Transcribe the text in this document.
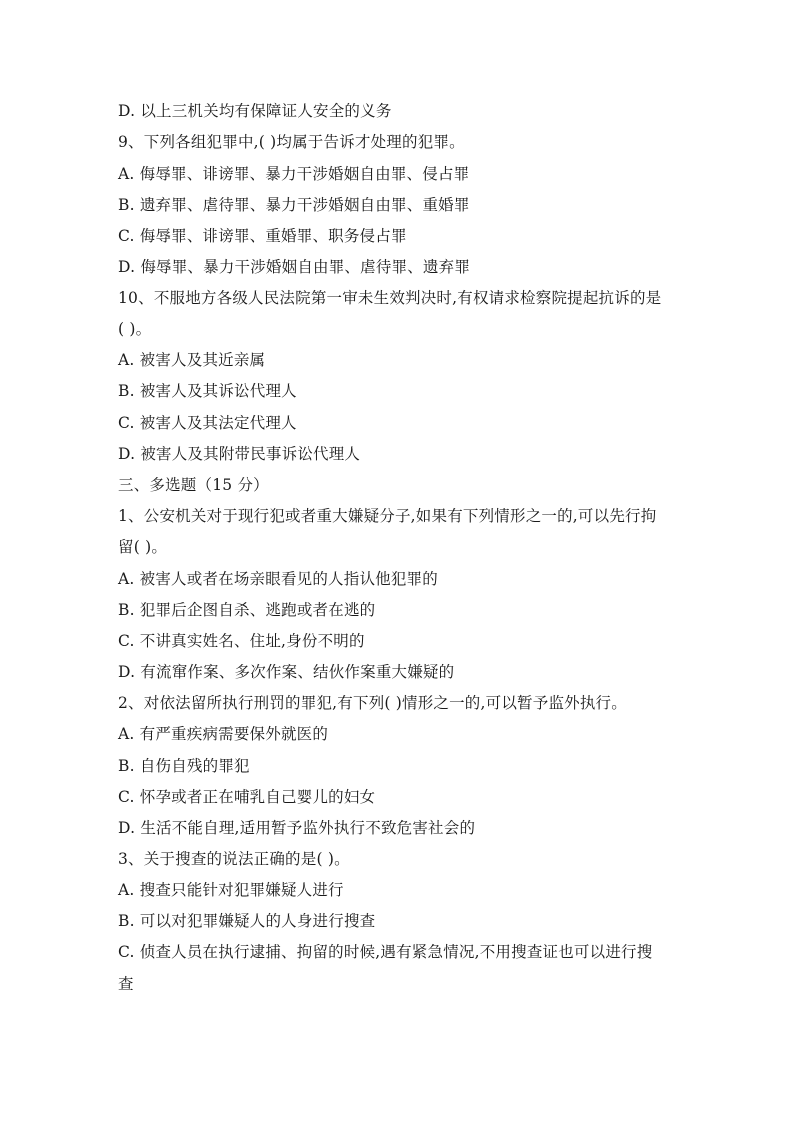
D. 以上三机关均有保障证人安全的义务
9、下列各组犯罪中,( )均属于告诉才处理的犯罪。
A. 侮辱罪、诽谤罪、暴力干涉婚姻自由罪、侵占罪
B. 遗弃罪、虐待罪、暴力干涉婚姻自由罪、重婚罪
C. 侮辱罪、诽谤罪、重婚罪、职务侵占罪
D. 侮辱罪、暴力干涉婚姻自由罪、虐待罪、遗弃罪
10、不服地方各级人民法院第一审未生效判决时,有权请求检察院提起抗诉的是
( )。
A. 被害人及其近亲属
B. 被害人及其诉讼代理人
C. 被害人及其法定代理人
D. 被害人及其附带民事诉讼代理人
三、多选题（15 分）
1、公安机关对于现行犯或者重大嫌疑分子,如果有下列情形之一的,可以先行拘
留( )。
A. 被害人或者在场亲眼看见的人指认他犯罪的
B. 犯罪后企图自杀、逃跑或者在逃的
C. 不讲真实姓名、住址,身份不明的
D. 有流窜作案、多次作案、结伙作案重大嫌疑的
2、对依法留所执行刑罚的罪犯,有下列( )情形之一的,可以暂予监外执行。
A. 有严重疾病需要保外就医的
B. 自伤自残的罪犯
C. 怀孕或者正在哺乳自己婴儿的妇女
D. 生活不能自理,适用暂予监外执行不致危害社会的
3、关于搜查的说法正确的是( )。
A. 搜查只能针对犯罪嫌疑人进行
B. 可以对犯罪嫌疑人的人身进行搜查
C. 侦查人员在执行逮捕、拘留的时候,遇有紧急情况,不用搜查证也可以进行搜
查
